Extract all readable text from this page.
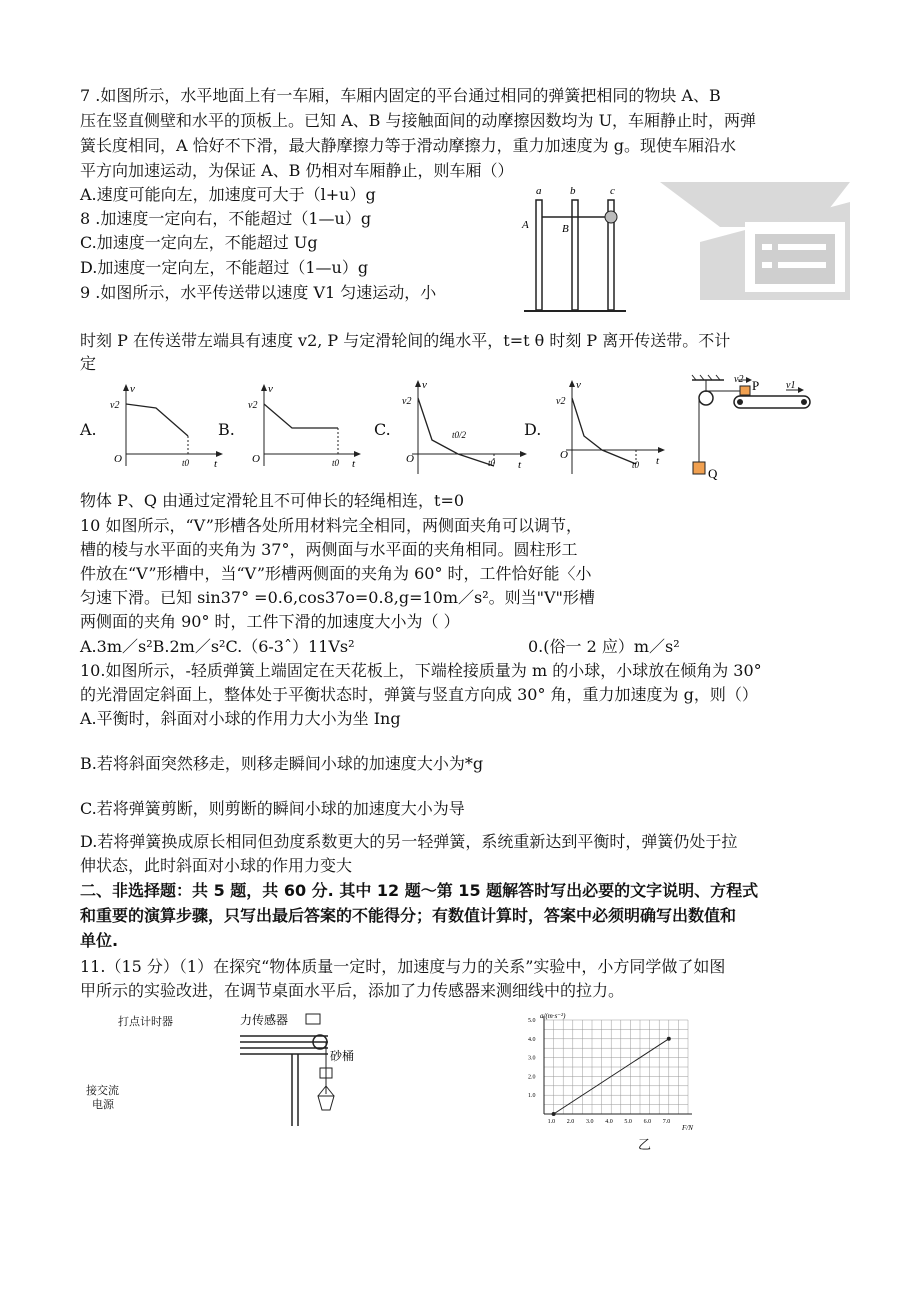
7 .如图所示，水平地面上有一车厢，车厢内固定的平台通过相同的弹簧把相同的物块 A、B
压在竖直侧壁和水平的顶板上。已知 A、B 与接触面间的动摩擦因数均为 U，车厢静止时，两弹
簧长度相同，A 恰好不下滑，最大静摩擦力等于滑动摩擦力，重力加速度为 g。现使车厢沿水
平方向加速运动，为保证 A、B 仍相对车厢静止，则车厢（）
A.速度可能向左，加速度可大于（l+u）g
8 .加速度一定向右，不能超过（1—u）g
C.加速度一定向左，不能超过 Ug
D.加速度一定向左，不能超过（1—u）g
9 .如图所示，水平传送带以速度 V1 匀速运动，小
a	b	c
A	B
时刻 P 在传送带左端具有速度 v2, P 与定滑轮间的绳水平，t=t θ 时刻 P 离开传送带。不计
定
A.
v
t
O
v2
t0
B.
v
t
O
v2
t0
C.
v
t
O
v2
t0/2
t0
D.
v
t
O
v2
t0
Q
P
v2
v1
物体 P、Q 由通过定滑轮且不可伸长的轻绳相连，t=0
10 如图所示，“V”形槽各处所用材料完全相同，两侧面夹角可以调节，
槽的棱与水平面的夹角为 37°，两侧面与水平面的夹角相同。圆柱形工
件放在“V”形槽中，当“V”形槽两侧面的夹角为 60° 时，工件恰好能〈小
匀速下滑。已知 sin37° =0.6,cos37o=0.8,g=10m／s²。则当"V"形槽
两侧面的夹角 90° 时，工件下滑的加速度大小为（ ）
A.3m／s²B.2m／s²C.（6-3ˆ）11Vs²	0.(俗一 2 应）m／s²
10.如图所示，-轻质弹簧上端固定在天花板上，下端栓接质量为 m 的小球，小球放在倾角为 30°
的光滑固定斜面上，整体处于平衡状态时，弹簧与竖直方向成 30° 角，重力加速度为 g，则（）
A.平衡时，斜面对小球的作用力大小为坐 Ing
B.若将斜面突然移走，则移走瞬间小球的加速度大小为*g
C.若将弹簧剪断，则剪断的瞬间小球的加速度大小为导
D.若将弹簧换成原长相同但劲度系数更大的另一轻弹簧，系统重新达到平衡时，弹簧仍处于拉
伸状态，此时斜面对小球的作用力变大
二、非选择题：共 5 题，共 60 分. 其中 12 题～第 15 题解答时写出必要的文字说明、方程式
和重要的演算步骤，只写出最后答案的不能得分；有数值计算时，答案中必须明确写出数值和
单位.
11.（15 分）（1）在探究“物体质量一定时，加速度与力的关系”实验中，小方同学做了如图
甲所示的实验改进，在调节桌面水平后，添加了力传感器来测细线中的拉力。
打点计时器
接交流
电源
力传感器
砂桶
1.0 2.0 3.0 4.0 5.0 6.0 7.0
1.0
2.0
3.0
4.0
5.0
a/(m·s⁻²)
F/N
乙
